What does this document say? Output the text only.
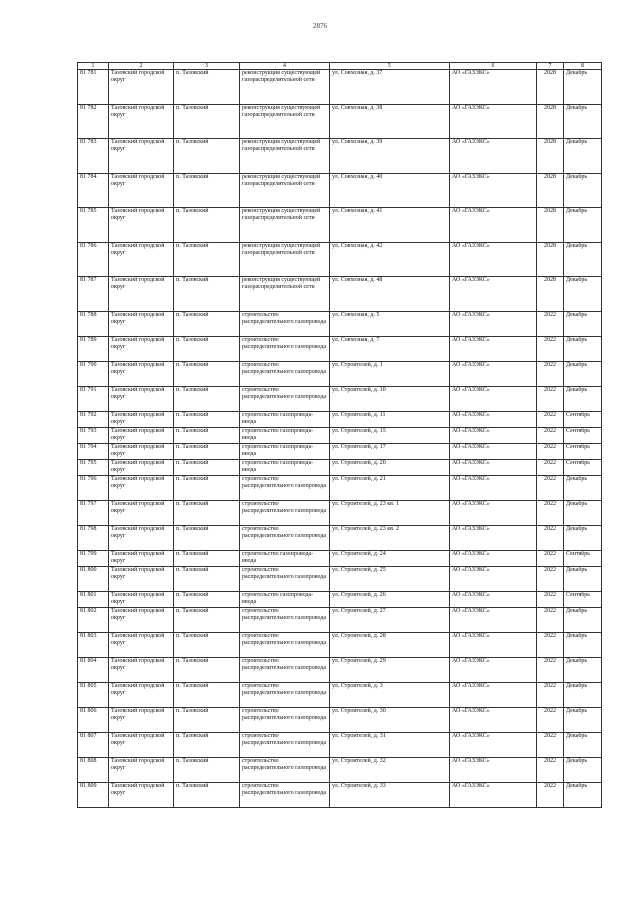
2876
1	2	3	4	5	6	7	8
81 781	Тазовский городской округ	п. Тазовский	реконструкция существующей газораспределительной сети	ул. Совхозная, д. 37	АО «ГАЗЭКС»	2028	Декабрь
81 782	Тазовский городской округ	п. Тазовский	реконструкция существующей газораспределительной сети	ул. Совхозная, д. 38	АО «ГАЗЭКС»	2028	Декабрь
81 783	Тазовский городской округ	п. Тазовский	реконструкция существующей газораспределительной сети	ул. Совхозная, д. 39	АО «ГАЗЭКС»	2028	Декабрь
81 784	Тазовский городской округ	п. Тазовский	реконструкция существующей газораспределительной сети	ул. Совхозная, д. 40	АО «ГАЗЭКС»	2028	Декабрь
81 785	Тазовский городской округ	п. Тазовский	реконструкция существующей газораспределительной сети	ул. Совхозная, д. 41	АО «ГАЗЭКС»	2028	Декабрь
81 786	Тазовский городской округ	п. Тазовский	реконструкция существующей газораспределительной сети	ул. Совхозная, д. 42	АО «ГАЗЭКС»	2028	Декабрь
81 787	Тазовский городской округ	п. Тазовский	реконструкция существующей газораспределительной сети	ул. Совхозная, д. 48	АО «ГАЗЭКС»	2028	Декабрь
81 788	Тазовский городской округ	п. Тазовский	строительство распределительного газопровода	ул. Совхозная, д. 5	АО «ГАЗЭКС»	2022	Декабрь
81 789	Тазовский городской округ	п. Тазовский	строительство распределительного газопровода	ул. Совхозная, д. 7	АО «ГАЗЭКС»	2022	Декабрь
81 790	Тазовский городской округ	п. Тазовский	строительство распределительного газопровода	ул. Строителей, д. 1	АО «ГАЗЭКС»	2022	Декабрь
81 791	Тазовский городской округ	п. Тазовский	строительство распределительного газопровода	ул. Строителей, д. 10	АО «ГАЗЭКС»	2022	Декабрь
81 792	Тазовский городской округ	п. Тазовский	строительство газопровода-ввода	ул. Строителей, д. 11	АО «ГАЗЭКС»	2022	Сентябрь
81 793	Тазовский городской округ	п. Тазовский	строительство газопровода-ввода	ул. Строителей, д. 15	АО «ГАЗЭКС»	2022	Сентябрь
81 794	Тазовский городской округ	п. Тазовский	строительство газопровода-ввода	ул. Строителей, д. 17	АО «ГАЗЭКС»	2022	Сентябрь
81 795	Тазовский городской округ	п. Тазовский	строительство газопровода-ввода	ул. Строителей, д. 20	АО «ГАЗЭКС»	2022	Сентябрь
81 796	Тазовский городской округ	п. Тазовский	строительство распределительного газопровода	ул. Строителей, д. 21	АО «ГАЗЭКС»	2022	Декабрь
81 797	Тазовский городской округ	п. Тазовский	строительство распределительного газопровода	ул. Строителей, д. 23 кв. 1	АО «ГАЗЭКС»	2022	Декабрь
81 798	Тазовский городской округ	п. Тазовский	строительство распределительного газопровода	ул. Строителей, д. 23 кв. 2	АО «ГАЗЭКС»	2022	Декабрь
81 799	Тазовский городской округ	п. Тазовский	строительство газопровода-ввода	ул. Строителей, д. 24	АО «ГАЗЭКС»	2022	Сентябрь
81 800	Тазовский городской округ	п. Тазовский	строительство распределительного газопровода	ул. Строителей, д. 25	АО «ГАЗЭКС»	2022	Декабрь
81 801	Тазовский городской округ	п. Тазовский	строительство газопровода-ввода	ул. Строителей, д. 26	АО «ГАЗЭКС»	2022	Сентябрь
81 802	Тазовский городской округ	п. Тазовский	строительство распределительного газопровода	ул. Строителей, д. 27	АО «ГАЗЭКС»	2022	Декабрь
81 803	Тазовский городской округ	п. Тазовский	строительство распределительного газопровода	ул. Строителей, д. 28	АО «ГАЗЭКС»	2022	Декабрь
81 804	Тазовский городской округ	п. Тазовский	строительство распределительного газопровода	ул. Строителей, д. 29	АО «ГАЗЭКС»	2022	Декабрь
81 805	Тазовский городской округ	п. Тазовский	строительство распределительного газопровода	ул. Строителей, д. 3	АО «ГАЗЭКС»	2022	Декабрь
81 806	Тазовский городской округ	п. Тазовский	строительство распределительного газопровода	ул. Строителей, д. 30	АО «ГАЗЭКС»	2022	Декабрь
81 807	Тазовский городской округ	п. Тазовский	строительство распределительного газопровода	ул. Строителей, д. 31	АО «ГАЗЭКС»	2022	Декабрь
81 808	Тазовский городской округ	п. Тазовский	строительство распределительного газопровода	ул. Строителей, д. 32	АО «ГАЗЭКС»	2022	Декабрь
81 809	Тазовский городской округ	п. Тазовский	строительство распределительного газопровода	ул. Строителей, д. 33	АО «ГАЗЭКС»	2022	Декабрь
